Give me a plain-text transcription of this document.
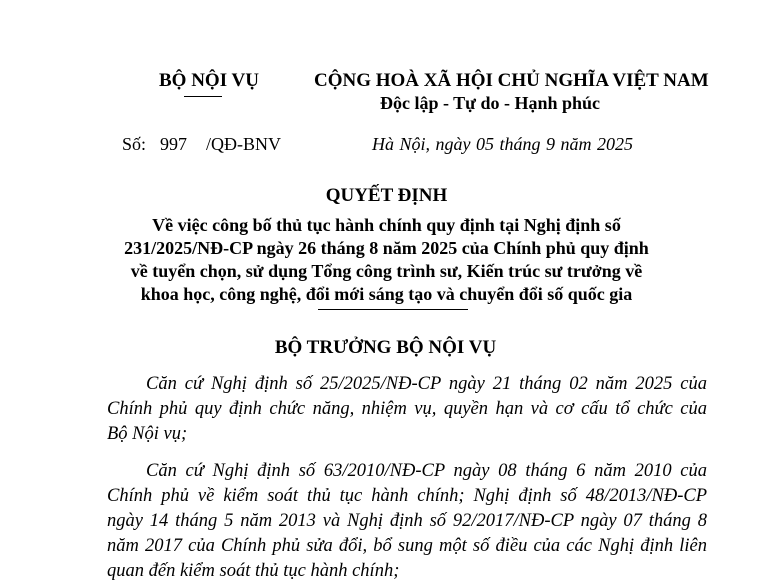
BỘ NỘI VỤ	CỘNG HOÀ XÃ HỘI CHỦ NGHĨA VIỆT NAM
Độc lập - Tự do - Hạnh phúc
Số: 997 /QĐ-BNV	Hà Nội, ngày 05 tháng 9 năm 2025
QUYẾT ĐỊNH
Về việc công bố thủ tục hành chính quy định tại Nghị định số
231/2025/NĐ-CP ngày 26 tháng 8 năm 2025 của Chính phủ quy định
về tuyển chọn, sử dụng Tổng công trình sư, Kiến trúc sư trưởng về
khoa học, công nghệ, đổi mới sáng tạo và chuyển đổi số quốc gia
BỘ TRƯỞNG BỘ NỘI VỤ
Căn cứ Nghị định số 25/2025/NĐ-CP ngày 21 tháng 02 năm 2025 của
Chính phủ quy định chức năng, nhiệm vụ, quyền hạn và cơ cấu tổ chức của
Bộ Nội vụ;
Căn cứ Nghị định số 63/2010/NĐ-CP ngày 08 tháng 6 năm 2010 của
Chính phủ về kiểm soát thủ tục hành chính; Nghị định số 48/2013/NĐ-CP
ngày 14 tháng 5 năm 2013 và Nghị định số 92/2017/NĐ-CP ngày 07 tháng 8
năm 2017 của Chính phủ sửa đổi, bổ sung một số điều của các Nghị định liên
quan đến kiểm soát thủ tục hành chính;
